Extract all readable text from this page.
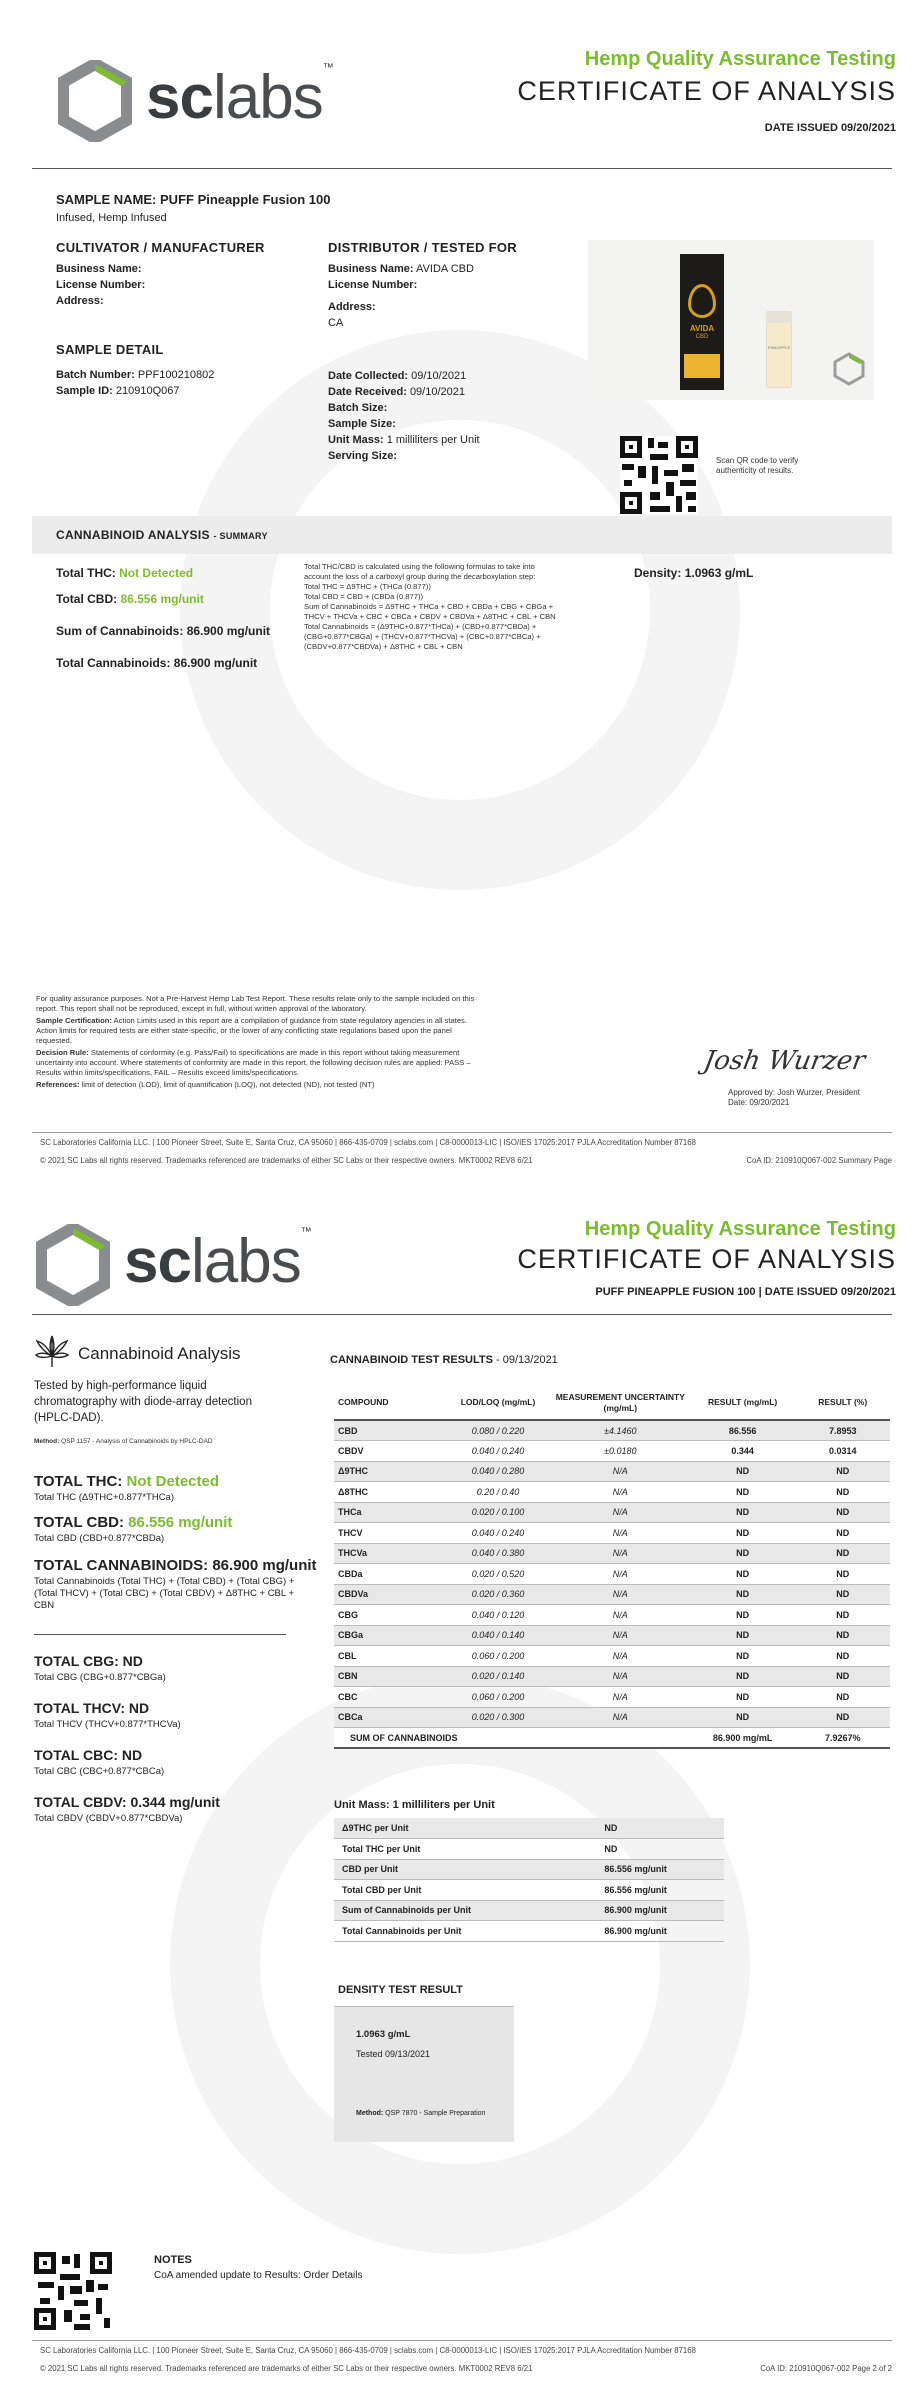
sclabs™	Hemp Quality Assurance Testing
CERTIFICATE OF ANALYSIS
DATE ISSUED 09/20/2021
SAMPLE NAME: PUFF Pineapple Fusion 100
Infused, Hemp Infused
CULTIVATOR / MANUFACTURER
Business Name:
License Number:
Address:
DISTRIBUTOR / TESTED FOR
Business Name: AVIDA CBD
License Number:
Address:
CA
SAMPLE DETAIL
Batch Number: PPF100210802
Sample ID: 210910Q067
Date Collected: 09/10/2021
Date Received: 09/10/2021
Batch Size:
Sample Size:
Unit Mass: 1 milliliters per Unit
Serving Size:
AVIDA
CBD
PINEAPPLE
Scan QR code to verify authenticity of results.
CANNABINOID ANALYSIS - SUMMARY
Total THC: Not Detected
Total CBD: 86.556 mg/unit
Sum of Cannabinoids: 86.900 mg/unit
Total Cannabinoids: 86.900 mg/unit
Total THC/CBD is calculated using the following formulas to take into
account the loss of a carboxyl group during the decarboxylation step:
Total THC = Δ9THC + (THCa (0.877))
Total CBD = CBD + (CBDa (0.877))
Sum of Cannabinoids = Δ9THC + THCa + CBD + CBDa + CBG + CBGa +
THCV + THCVa + CBC + CBCa + CBDV + CBDVa + Δ8THC + CBL + CBN
Total Cannabinoids = (Δ9THC+0.877*THCa) + (CBD+0.877*CBDa) +
(CBG+0.877*CBGa) + (THCV+0.877*THCVa) + (CBC+0.877*CBCa) +
(CBDV+0.877*CBDVa) + Δ8THC + CBL + CBN
Density: 1.0963 g/mL
For quality assurance purposes. Not a Pre-Harvest Hemp Lab Test Report. These results relate only to the sample included on this report. This report shall not be reproduced, except in full, without written approval of the laboratory.
Sample Certification: Action Limits used in this report are a compilation of guidance from state regulatory agencies in all states. Action limits for required tests are either state-specific, or the lower of any conflicting state regulations based upon the panel requested.
Decision Rule: Statements of conformity (e.g. Pass/Fail) to specifications are made in this report without taking measurement uncertainty into account. Where statements of conformity are made in this report, the following decision rules are applied: PASS – Results within limits/specifications, FAIL – Results exceed limits/specifications.
References: limit of detection (LOD), limit of quantification (LOQ), not detected (ND), not tested (NT)
Josh Wurzer
Approved by: Josh Wurzer, President
Date: 09/20/2021
SC Laboratories California LLC. | 100 Pioneer Street, Suite E, Santa Cruz, CA 95060 | 866-435-0709 | sclabs.com | C8-0000013-LIC | ISO/IES 17025:2017 PJLA Accreditation Number 87168
© 2021 SC Labs all rights reserved. Trademarks referenced are trademarks of either SC Labs or their respective owners. MKT0002 REV8 6/21	CoA ID: 210910Q067-002 Summary Page
sclabs™	Hemp Quality Assurance Testing
CERTIFICATE OF ANALYSIS
PUFF PINEAPPLE FUSION 100 | DATE ISSUED 09/20/2021
Cannabinoid Analysis
Tested by high-performance liquid chromatography with diode-array detection (HPLC-DAD).
Method: QSP 1157 - Analysis of Cannabinoids by HPLC-DAD
TOTAL THC: Not Detected
Total THC (Δ9THC+0.877*THCa)
TOTAL CBD: 86.556 mg/unit
Total CBD (CBD+0.877*CBDa)
TOTAL CANNABINOIDS: 86.900 mg/unit
Total Cannabinoids (Total THC) + (Total CBD) + (Total CBG) + (Total THCV) + (Total CBC) + (Total CBDV) + Δ8THC + CBL + CBN
TOTAL CBG: ND
Total CBG (CBG+0.877*CBGa)
TOTAL THCV: ND
Total THCV (THCV+0.877*THCVa)
TOTAL CBC: ND
Total CBC (CBC+0.877*CBCa)
TOTAL CBDV: 0.344 mg/unit
Total CBDV (CBDV+0.877*CBDVa)
CANNABINOID TEST RESULTS - 09/13/2021
COMPOUND	LOD/LOQ (mg/mL)	MEASUREMENT UNCERTAINTY (mg/mL)	RESULT (mg/mL)	RESULT (%)
CBD	0.080 / 0.220	±4.1460	86.556	7.8953
CBDV	0.040 / 0.240	±0.0180	0.344	0.0314
Δ9THC	0.040 / 0.280	N/A	ND	ND
Δ8THC	0.20 / 0.40	N/A	ND	ND
THCa	0.020 / 0.100	N/A	ND	ND
THCV	0.040 / 0.240	N/A	ND	ND
THCVa	0.040 / 0.380	N/A	ND	ND
CBDa	0.020 / 0.520	N/A	ND	ND
CBDVa	0.020 / 0.360	N/A	ND	ND
CBG	0.040 / 0.120	N/A	ND	ND
CBGa	0.040 / 0.140	N/A	ND	ND
CBL	0.060 / 0.200	N/A	ND	ND
CBN	0.020 / 0.140	N/A	ND	ND
CBC	0.060 / 0.200	N/A	ND	ND
CBCa	0.020 / 0.300	N/A	ND	ND
SUM OF CANNABINOIDS			86.900 mg/mL	7.9267%
Unit Mass: 1 milliliters per Unit
Δ9THC per Unit	ND
Total THC per Unit	ND
CBD per Unit	86.556 mg/unit
Total CBD per Unit	86.556 mg/unit
Sum of Cannabinoids per Unit	86.900 mg/unit
Total Cannabinoids per Unit	86.900 mg/unit
DENSITY TEST RESULT
1.0963 g/mL
Tested 09/13/2021
Method: QSP 7870 - Sample Preparation
NOTES
CoA amended update to Results: Order Details
SC Laboratories California LLC. | 100 Pioneer Street, Suite E, Santa Cruz, CA 95060 | 866-435-0709 | sclabs.com | C8-0000013-LIC | ISO/IES 17025:2017 PJLA Accreditation Number 87168
© 2021 SC Labs all rights reserved. Trademarks referenced are trademarks of either SC Labs or their respective owners. MKT0002 REV8 6/21	CoA ID: 210910Q067-002 Page 2 of 2
